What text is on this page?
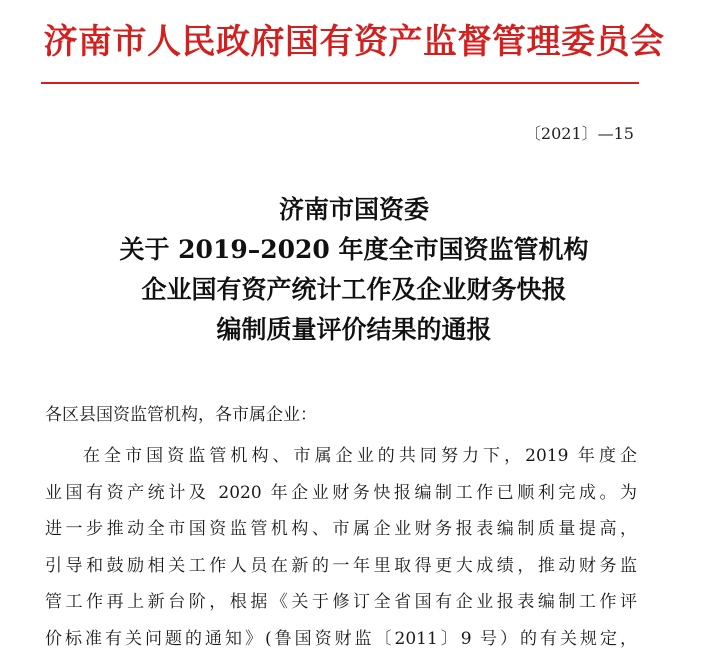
济南市人民政府国有资产监督管理委员会
〔2021〕—15
济南市国资委
关于 2019–2020 年度全市国资监管机构
企业国有资产统计工作及企业财务快报
编制质量评价结果的通报
各区县国资监管机构，各市属企业：
在全市国资监管机构、市属企业的共同努力下，2019 年度企
业国有资产统计及 2020 年企业财务快报编制工作已顺利完成。为
进一步推动全市国资监管机构、市属企业财务报表编制质量提高，
引导和鼓励相关工作人员在新的一年里取得更大成绩，推动财务监
管工作再上新台阶，根据《关于修订全省国有企业报表编制工作评
价标准有关问题的通知》(鲁国资财监〔2011〕9 号）的有关规定，
